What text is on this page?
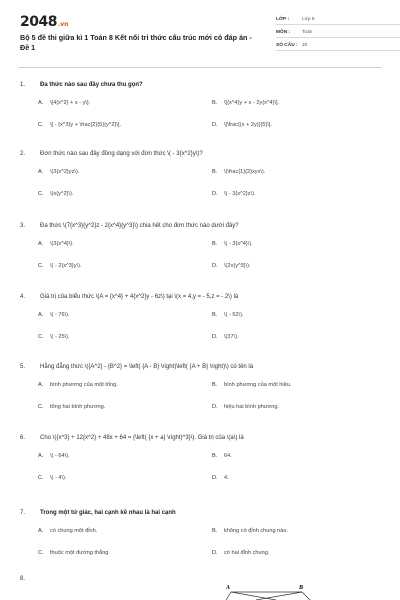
2048.vn
Bộ 5 đề thi giữa kì 1 Toán 8 Kết nối tri thức cấu trúc mới có đáp án - Đề 1
LỚP :	Lớp 8
MÔN :	Toán
SỐ CÂU : 20
1.	Đa thức nào sau đây chưa thu gọn?
2.	Đơn thức nào sau đây đồng dạng với đơn thức \( - 3{x^2}y\)?
3.	Đa thức \(7{x^3}{y^2}z - 2{x^4}{y^3}\) chia hết cho đơn thức nào dưới đây?
4.	Giá trị của biểu thức \(A = {x^4} + 4{x^2}y - 6z\) tại \(x = 4,y = - 5,z = - 2\) là
5.	Hằng đẳng thức \({A^2} - {B^2} = \left( {A - B} \right)\left( {A + B} \right)\) có tên là
6.	Cho \({x^3} + 12{x^2} + 48x + 64 = {\left( {x + a} \right)^3}\). Giá trị của \(a\) là
7.	Trong một tứ giác, hai cạnh kề nhau là hai cạnh
8.
A	B
A.	\[4{x^2} + x - y\].	B.	\[{x^4}y + x - 2y{x^4}\].
C.	\[ - {x^3}y + \frac{2}{5}{y^2}\].	D.	\[\frac{(x + 2y)}{5}\].
A.	\(3{x^2}yz\).	B.	\(\frac{1}{2}xyx\).
C.	\(x{y^2}\).	D.	\( - 3{x^2}z\).
A.	\(3{x^4}\).	B.	\( - 3{x^4}\).
C.	\( - 2{x^3}y\).	D.	\(2x{y^3}\).
A.	\( - 76\).	B.	\( - 52\).
C.	\( - 25\).	D.	\(37\).
A.	bình phương của một tổng.	B.	bình phương của một hiệu.
C.	tổng hai bình phương.	D.	hiệu hai bình phương.
A.	\( - 64\).	B.	64.
C.	\( - 4\).	D.	4.
A.	có chung một đỉnh.	B.	không có đỉnh chung nào.
C.	thuộc một đường thẳng.	D.	có hai đỉnh chung.
